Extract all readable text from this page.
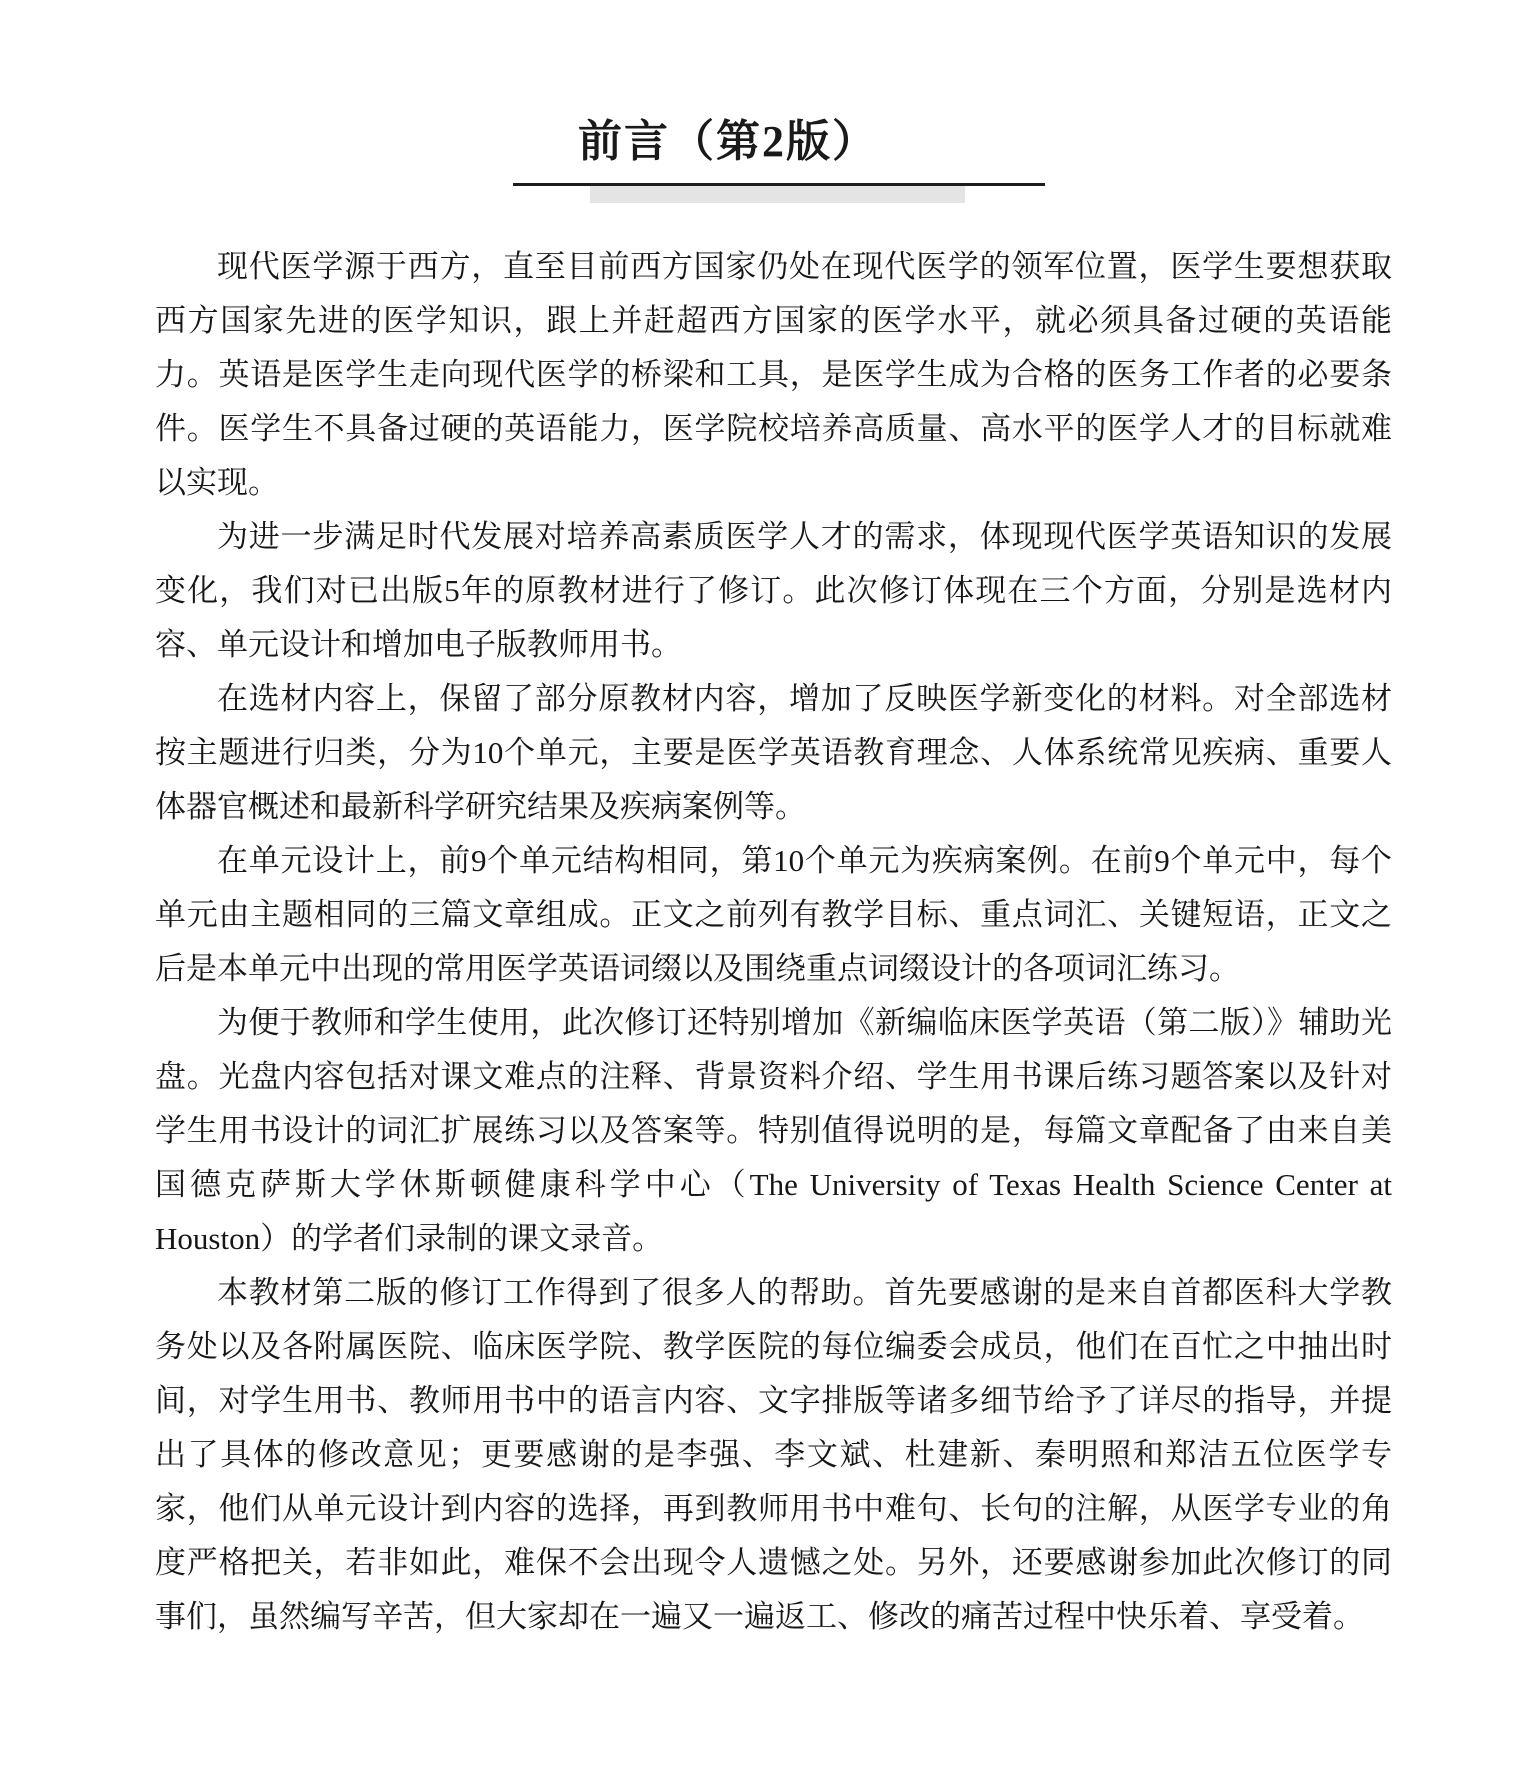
前言（第2版）

现代医学源于西方，直至目前西方国家仍处在现代医学的领军位置，医学生要想获取西方国家先进的医学知识，跟上并赶超西方国家的医学水平，就必须具备过硬的英语能力。英语是医学生走向现代医学的桥梁和工具，是医学生成为合格的医务工作者的必要条件。医学生不具备过硬的英语能力，医学院校培养高质量、高水平的医学人才的目标就难以实现。

为进一步满足时代发展对培养高素质医学人才的需求，体现现代医学英语知识的发展变化，我们对已出版5年的原教材进行了修订。此次修订体现在三个方面，分别是选材内容、单元设计和增加电子版教师用书。

在选材内容上，保留了部分原教材内容，增加了反映医学新变化的材料。对全部选材按主题进行归类，分为10个单元，主要是医学英语教育理念、人体系统常见疾病、重要人体器官概述和最新科学研究结果及疾病案例等。

在单元设计上，前9个单元结构相同，第10个单元为疾病案例。在前9个单元中，每个单元由主题相同的三篇文章组成。正文之前列有教学目标、重点词汇、关键短语，正文之后是本单元中出现的常用医学英语词缀以及围绕重点词缀设计的各项词汇练习。

为便于教师和学生使用，此次修订还特别增加《新编临床医学英语（第二版）》辅助光盘。光盘内容包括对课文难点的注释、背景资料介绍、学生用书课后练习题答案以及针对学生用书设计的词汇扩展练习以及答案等。特别值得说明的是，每篇文章配备了由来自美国德克萨斯大学休斯顿健康科学中心（The University of Texas Health Science Center at Houston）的学者们录制的课文录音。

本教材第二版的修订工作得到了很多人的帮助。首先要感谢的是来自首都医科大学教务处以及各附属医院、临床医学院、教学医院的每位编委会成员，他们在百忙之中抽出时间，对学生用书、教师用书中的语言内容、文字排版等诸多细节给予了详尽的指导，并提出了具体的修改意见；更要感谢的是李强、李文斌、杜建新、秦明照和郑洁五位医学专家，他们从单元设计到内容的选择，再到教师用书中难句、长句的注解，从医学专业的角度严格把关，若非如此，难保不会出现令人遗憾之处。另外，还要感谢参加此次修订的同事们，虽然编写辛苦，但大家却在一遍又一遍返工、修改的痛苦过程中快乐着、享受着。
